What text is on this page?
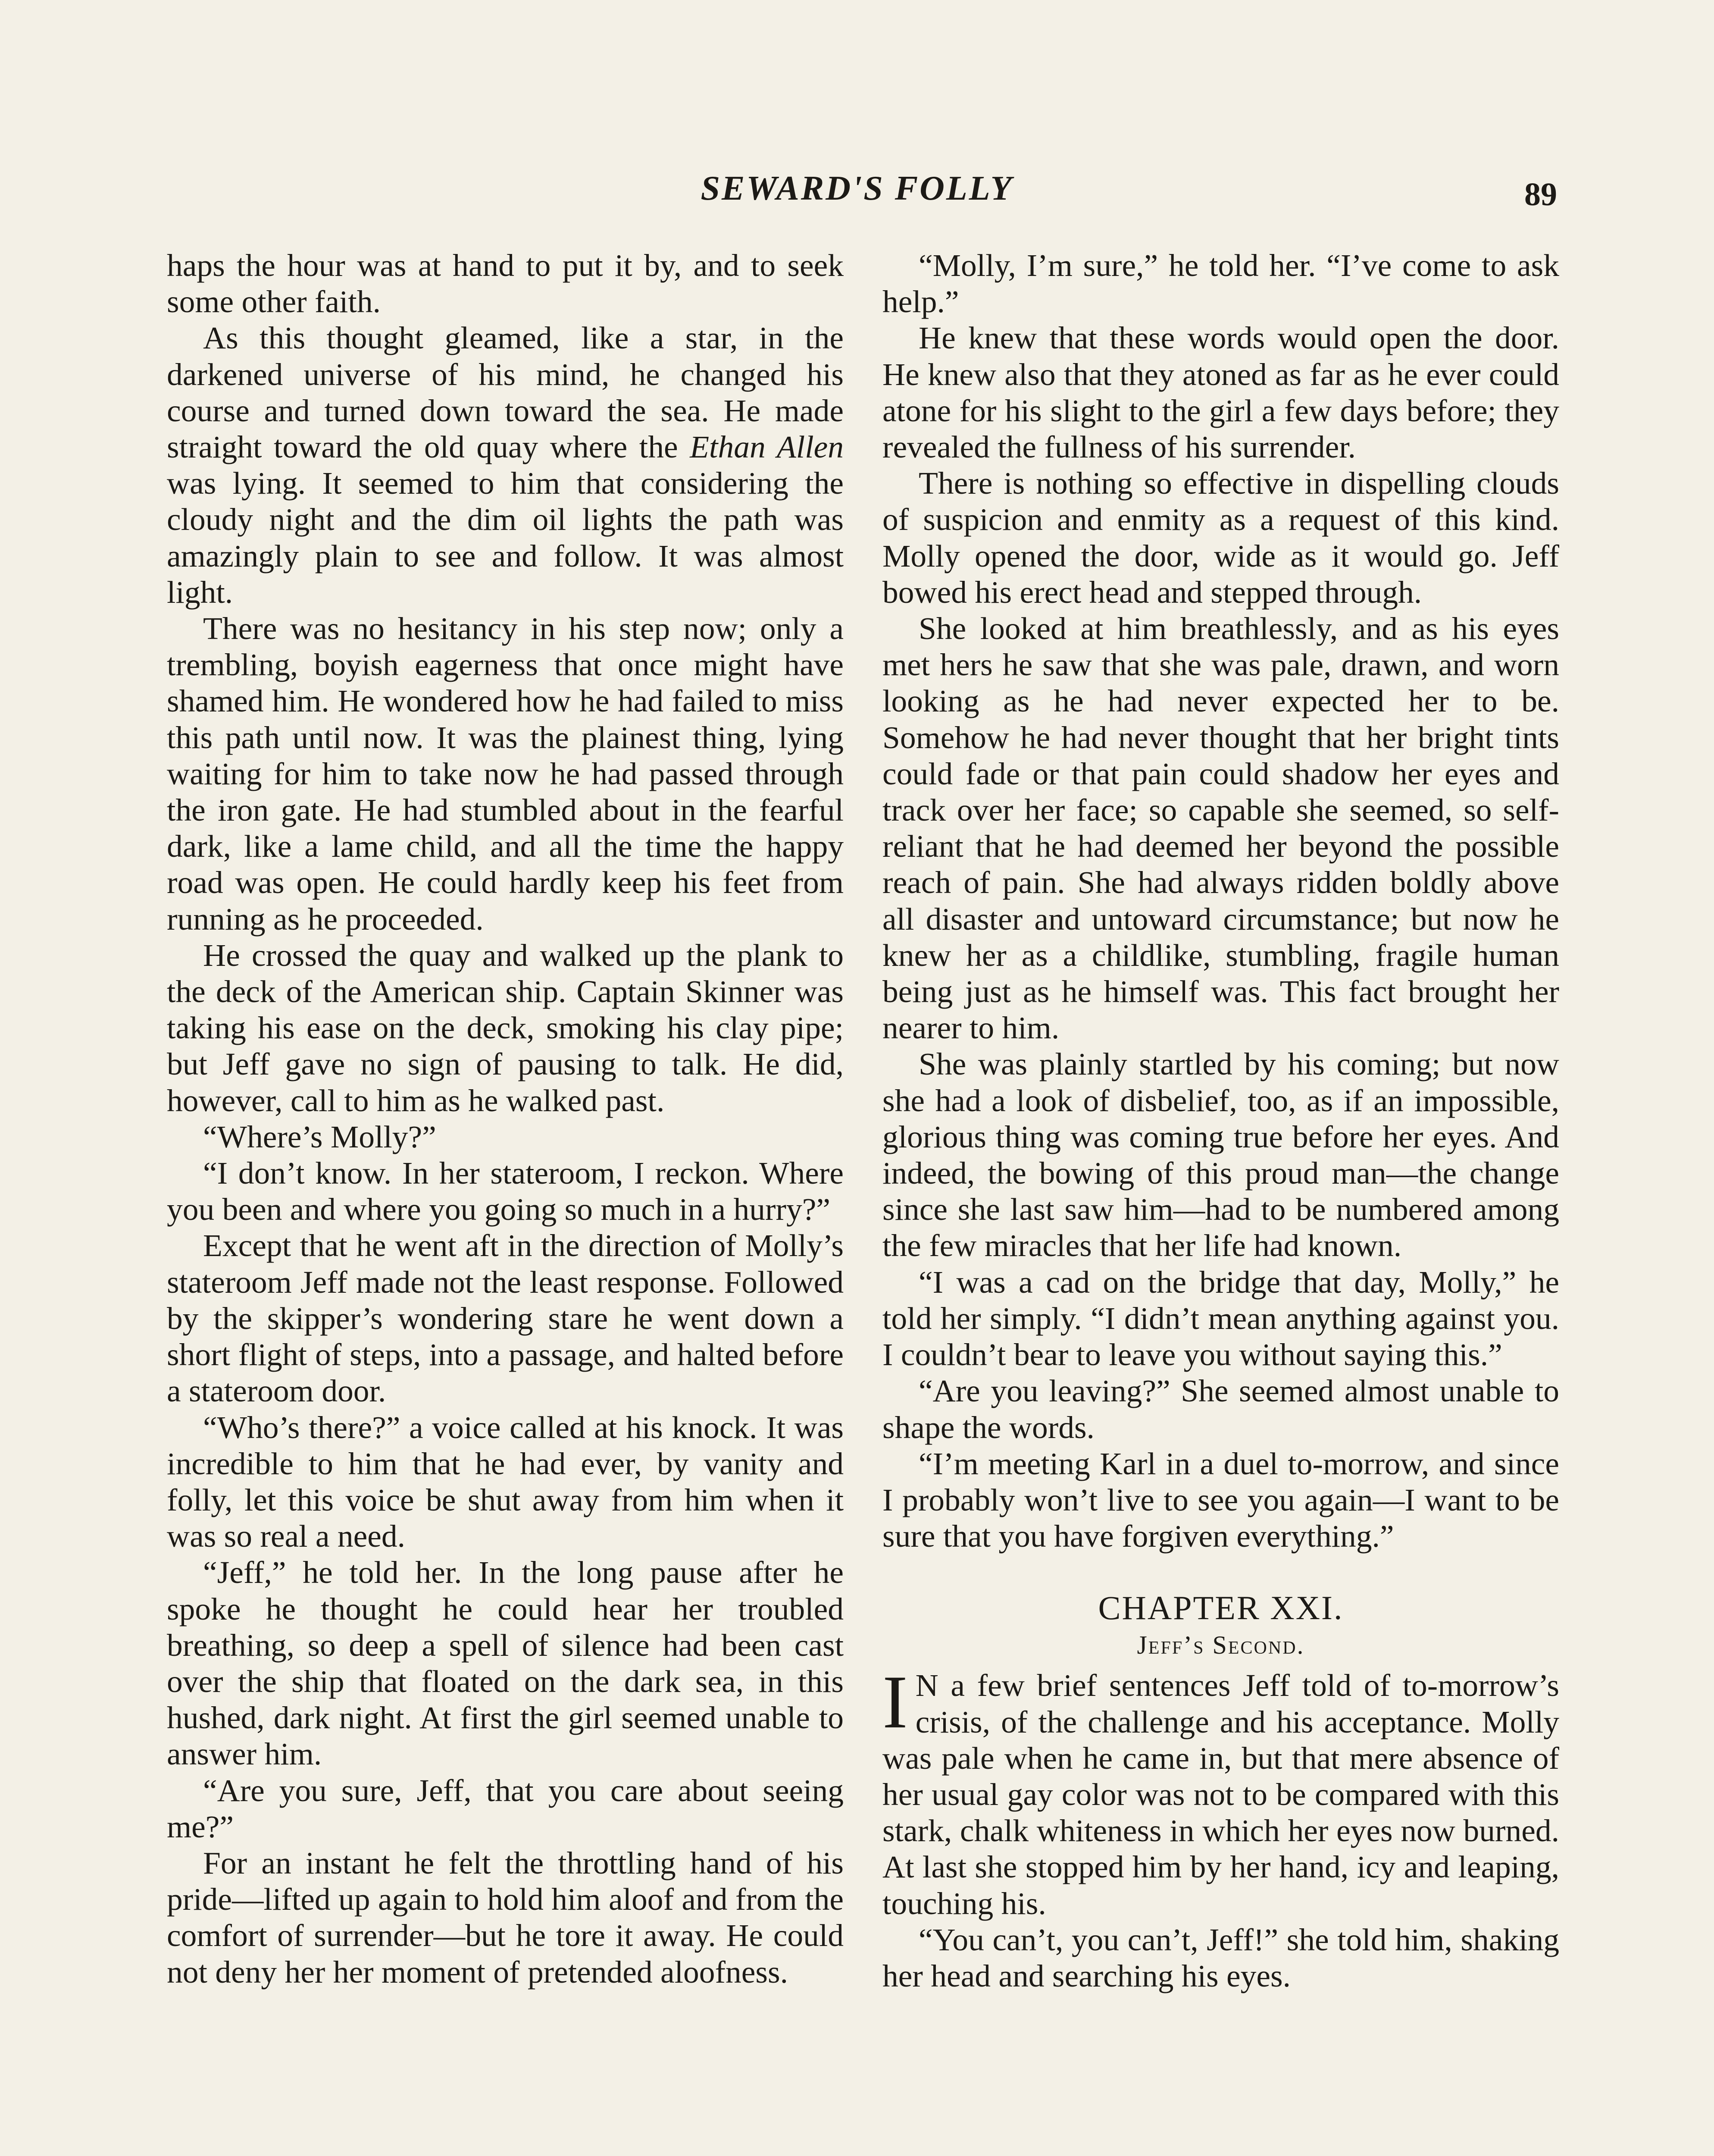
SEWARD'S FOLLY	89

haps the hour was at hand to put it by, and to seek some other faith.

As this thought gleamed, like a star, in the darkened universe of his mind, he changed his course and turned down toward the sea. He made straight toward the old quay where the Ethan Allen was lying. It seemed to him that considering the cloudy night and the dim oil lights the path was amazingly plain to see and follow. It was almost light.

There was no hesitancy in his step now; only a trembling, boyish eagerness that once might have shamed him. He wondered how he had failed to miss this path until now. It was the plainest thing, lying waiting for him to take now he had passed through the iron gate. He had stumbled about in the fearful dark, like a lame child, and all the time the happy road was open. He could hardly keep his feet from running as he proceeded.

He crossed the quay and walked up the plank to the deck of the American ship. Captain Skinner was taking his ease on the deck, smoking his clay pipe; but Jeff gave no sign of pausing to talk. He did, however, call to him as he walked past.

“Where’s Molly?”

“I don’t know. In her stateroom, I reckon. Where you been and where you going so much in a hurry?”

Except that he went aft in the direction of Molly’s stateroom Jeff made not the least response. Followed by the skipper’s wondering stare he went down a short flight of steps, into a passage, and halted before a stateroom door.

“Who’s there?” a voice called at his knock. It was incredible to him that he had ever, by vanity and folly, let this voice be shut away from him when it was so real a need.

“Jeff,” he told her. In the long pause after he spoke he thought he could hear her troubled breathing, so deep a spell of silence had been cast over the ship that floated on the dark sea, in this hushed, dark night. At first the girl seemed unable to answer him.

“Are you sure, Jeff, that you care about seeing me?”

For an instant he felt the throttling hand of his pride—lifted up again to hold him aloof and from the comfort of surrender—but he tore it away. He could not deny her her moment of pretended aloofness.

“Molly, I’m sure,” he told her. “I’ve come to ask help.”

He knew that these words would open the door. He knew also that they atoned as far as he ever could atone for his slight to the girl a few days before; they revealed the fullness of his surrender.

There is nothing so effective in dispelling clouds of suspicion and enmity as a request of this kind. Molly opened the door, wide as it would go. Jeff bowed his erect head and stepped through.

She looked at him breathlessly, and as his eyes met hers he saw that she was pale, drawn, and worn looking as he had never expected her to be. Somehow he had never thought that her bright tints could fade or that pain could shadow her eyes and track over her face; so capable she seemed, so self-reliant that he had deemed her beyond the possible reach of pain. She had always ridden boldly above all disaster and untoward circumstance; but now he knew her as a childlike, stumbling, fragile human being just as he himself was. This fact brought her nearer to him.

She was plainly startled by his coming; but now she had a look of disbelief, too, as if an impossible, glorious thing was coming true before her eyes. And indeed, the bowing of this proud man—the change since she last saw him—had to be numbered among the few miracles that her life had known.

“I was a cad on the bridge that day, Molly,” he told her simply. “I didn’t mean anything against you. I couldn’t bear to leave you without saying this.”

“Are you leaving?” She seemed almost unable to shape the words.

“I’m meeting Karl in a duel to-morrow, and since I probably won’t live to see you again—I want to be sure that you have forgiven everything.”

CHAPTER XXI.
Jeff’s Second.

I N a few brief sentences Jeff told of to-morrow’s crisis, of the challenge and his acceptance. Molly was pale when he came in, but that mere absence of her usual gay color was not to be compared with this stark, chalk whiteness in which her eyes now burned. At last she stopped him by her hand, icy and leaping, touching his.

“You can’t, you can’t, Jeff!” she told him, shaking her head and searching his eyes.
